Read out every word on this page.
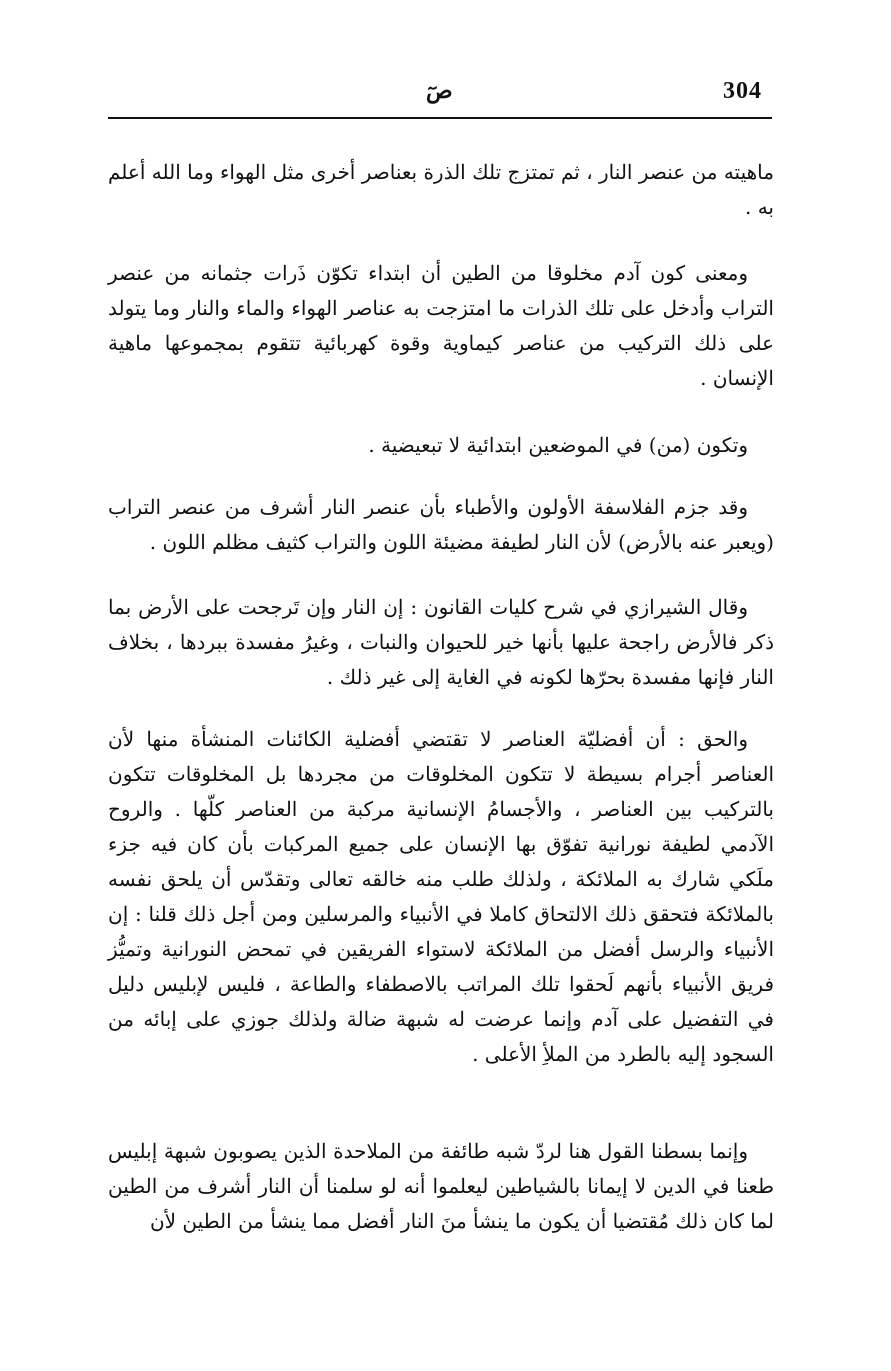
صٓ	304

ماهيته من عنصر النار ، ثم تمتزج تلك الذرة بعناصر أخرى مثل الهواء وما الله أعلم به .

ومعنى كون آدم مخلوقا من الطين أن ابتداء تكوّن ذَرات جثمانه من عنصر التراب وأدخل على تلك الذرات ما امتزجت به عناصر الهواء والماء والنار وما يتولد على ذلك التركيب من عناصر كيماوية وقوة كهربائية تتقوم بمجموعها ماهية الإنسان .

وتكون (من) في الموضعين ابتدائية لا تبعيضية .

وقد جزم الفلاسفة الأولون والأطباء بأن عنصر النار أشرف من عنصر التراب (ويعبر عنه بالأرض) لأن النار لطيفة مضيئة اللون والتراب كثيف مظلم اللون .

وقال الشيرازي في شرح كليات القانون : إن النار وإن تَرجحت على الأرض بما ذكر فالأرض راجحة عليها بأنها خير للحيوان والنبات ، وغيرُ مفسدة ببردها ، بخلاف النار فإنها مفسدة بحرّها لكونه في الغاية إلى غير ذلك .

والحق : أن أفضليّة العناصر لا تقتضي أفضلية الكائنات المنشأة منها لأن العناصر أجرام بسيطة لا تتكون المخلوقات من مجردها بل المخلوقات تتكون بالتركيب بين العناصر ، والأجسامُ الإنسانية مركبة من العناصر كلّها . والروح الآدمي لطيفة نورانية تفوّق بها الإنسان على جميع المركبات بأن كان فيه جزء ملَكي شارك به الملائكة ، ولذلك طلب منه خالقه تعالى وتقدّس أن يلحق نفسه بالملائكة فتحقق ذلك الالتحاق كاملا في الأنبياء والمرسلين ومن أجل ذلك قلنا : إن الأنبياء والرسل أفضل من الملائكة لاستواء الفريقين في تمحض النورانية وتميُّز فريق الأنبياء بأنهم لَحقوا تلك المراتب بالاصطفاء والطاعة ، فليس لإبليس دليل في التفضيل على آدم وإنما عرضت له شبهة ضالة ولذلك جوزي على إبائه من السجود إليه بالطرد من الملأِ الأعلى .

وإنما بسطنا القول هنا لردّ شبه طائفة من الملاحدة الذين يصوبون شبهة إبليس طعنا في الدين لا إيمانا بالشياطين ليعلموا أنه لو سلمنا أن النار أشرف من الطين لما كان ذلك مُقتضيا أن يكون ما ينشأ منَ النار أفضل مما ينشأ من الطين لأن
